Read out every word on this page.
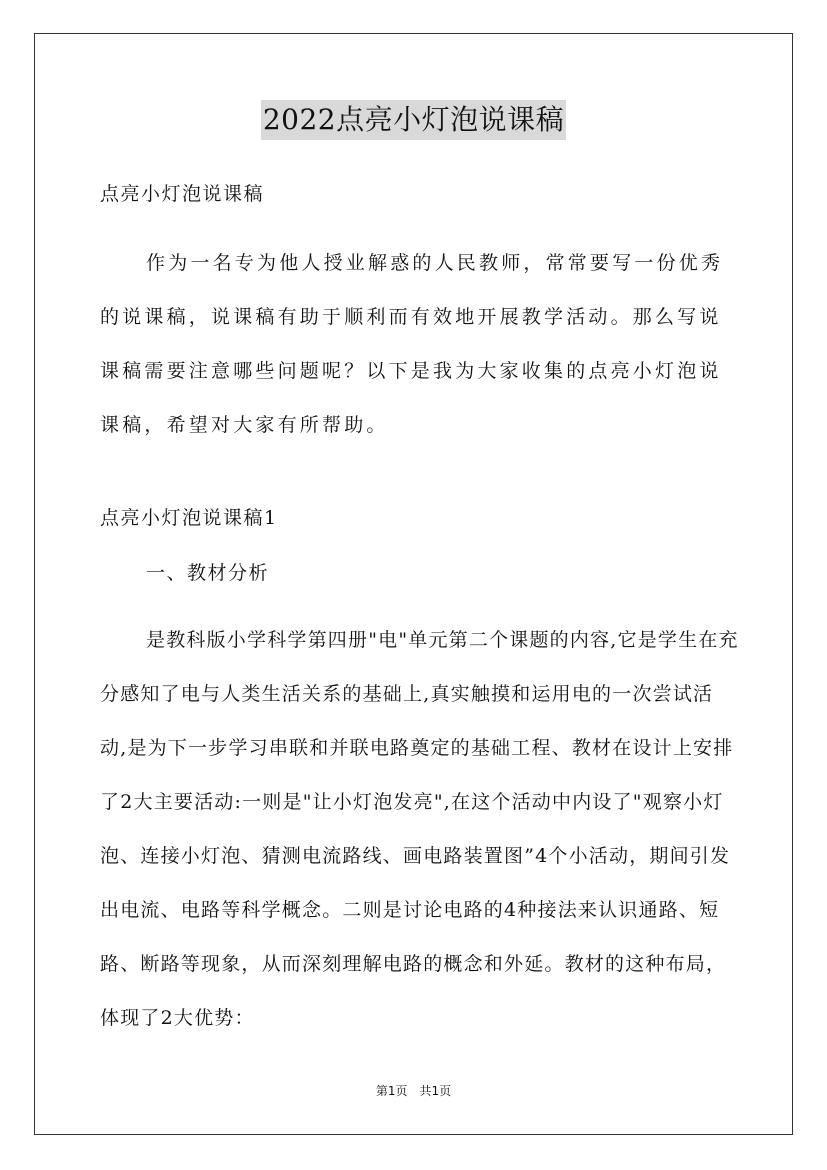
2022点亮小灯泡说课稿
点亮小灯泡说课稿
作为一名专为他人授业解惑的人民教师，常常要写一份优秀的说课稿，说课稿有助于顺利而有效地开展教学活动。那么写说课稿需要注意哪些问题呢？以下是我为大家收集的点亮小灯泡说课稿，希望对大家有所帮助。
点亮小灯泡说课稿1
一、教材分析
是教科版小学科学第四册"电"单元第二个课题的内容,它是学生在充分感知了电与人类生活关系的基础上,真实触摸和运用电的一次尝试活动,是为下一步学习串联和并联电路奠定的基础工程、教材在设计上安排了2大主要活动:一则是"让小灯泡发亮",在这个活动中内设了"观察小灯泡、连接小灯泡、猜测电流路线、画电路装置图”4个小活动，期间引发出电流、电路等科学概念。二则是讨论电路的4种接法来认识通路、短路、断路等现象，从而深刻理解电路的概念和外延。教材的这种布局，体现了2大优势：
第1页　共1页
